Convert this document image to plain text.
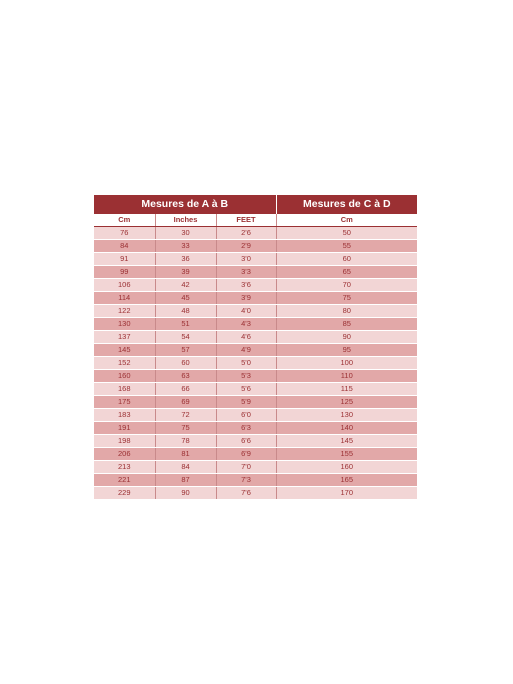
Mesures de A à B			Mesures de C à D
Cm	Inches	FEET	Cm
76	30	2'6	50
84	33	2'9	55
91	36	3'0	60
99	39	3'3	65
106	42	3'6	70
114	45	3'9	75
122	48	4'0	80
130	51	4'3	85
137	54	4'6	90
145	57	4'9	95
152	60	5'0	100
160	63	5'3	110
168	66	5'6	115
175	69	5'9	125
183	72	6'0	130
191	75	6'3	140
198	78	6'6	145
206	81	6'9	155
213	84	7'0	160
221	87	7'3	165
229	90	7'6	170
